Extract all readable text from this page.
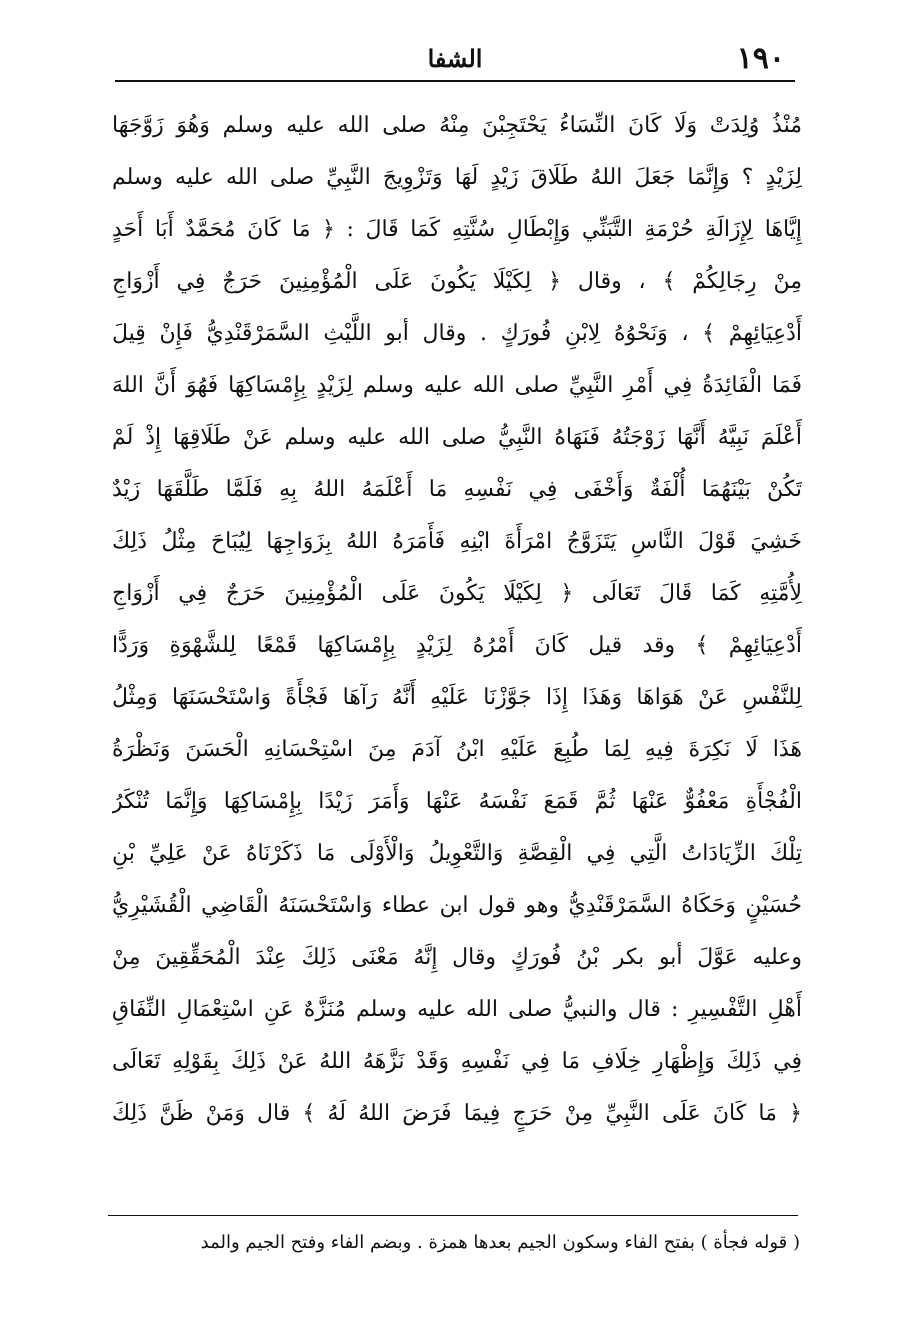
١٩٠
الشفا
مُنْذُ وُلِدَتْ وَلَا كَانَ النِّسَاءُ يَحْتَجِبْنَ مِنْهُ صلى الله عليه وسلم وَهُوَ زَوَّجَهَا
لِزَيْدٍ ؟ وَإِنَّمَا جَعَلَ اللهُ طَلَاقَ زَيْدٍ لَهَا وَتَزْوِيجَ النَّبِيِّ صلى الله عليه وسلم
إِيَّاهَا لِإِزَالَةِ حُرْمَةِ التَّبَنِّي وَإِبْطَالِ سُنَّتِهِ كَمَا قَالَ : ﴿ مَا كَانَ مُحَمَّدٌ أَبَا أَحَدٍ
مِنْ رِجَالِكُمْ ﴾ ، وقال ﴿ لِكَيْلَا يَكُونَ عَلَى الْمُؤْمِنِينَ حَرَجٌ فِي أَزْوَاجِ
أَدْعِيَائِهِمْ ﴾ ، وَنَحْوُهُ لِابْنِ فُورَكٍ . وقال أبو اللَّيْثِ السَّمَرْقَنْدِيُّ فَإِنْ قِيلَ
فَمَا الْفَائِدَةُ فِي أَمْرِ النَّبِيِّ صلى الله عليه وسلم لِزَيْدٍ بِإِمْسَاكِهَا فَهُوَ أَنَّ اللهَ
أَعْلَمَ نَبِيَّهُ أَنَّهَا زَوْجَتُهُ فَنَهَاهُ النَّبِيُّ صلى الله عليه وسلم عَنْ طَلَاقِهَا إِذْ لَمْ
تَكُنْ بَيْنَهُمَا أُلْفَةٌ وَأَخْفَى فِي نَفْسِهِ مَا أَعْلَمَهُ اللهُ بِهِ فَلَمَّا طَلَّقَهَا زَيْدٌ
خَشِيَ قَوْلَ النَّاسِ يَتَزَوَّجُ امْرَأَةَ ابْنِهِ فَأَمَرَهُ اللهُ بِزَوَاجِهَا لِيُبَاحَ مِثْلُ ذَلِكَ
لِأُمَّتِهِ كَمَا قَالَ تَعَالَى ﴿ لِكَيْلَا يَكُونَ عَلَى الْمُؤْمِنِينَ حَرَجٌ فِي أَزْوَاجِ
أَدْعِيَائِهِمْ ﴾ وقد قيل كَانَ أَمْرُهُ لِزَيْدٍ بِإِمْسَاكِهَا قَمْعًا لِلشَّهْوَةِ وَرَدًّا
لِلنَّفْسِ عَنْ هَوَاهَا وَهَذَا إِذَا جَوَّزْنَا عَلَيْهِ أَنَّهُ رَآهَا فَجْأَةً وَاسْتَحْسَنَهَا وَمِثْلُ
هَذَا لَا نَكِرَةَ فِيهِ لِمَا طُبِعَ عَلَيْهِ ابْنُ آدَمَ مِنَ اسْتِحْسَانِهِ الْحَسَنَ وَنَظْرَةُ
الْفُجْأَةِ مَعْفُوٌّ عَنْهَا ثُمَّ قَمَعَ نَفْسَهُ عَنْهَا وَأَمَرَ زَيْدًا بِإِمْسَاكِهَا وَإِنَّمَا تُنْكَرُ
تِلْكَ الزِّيَادَاتُ الَّتِي فِي الْقِصَّةِ وَالتَّعْوِيلُ وَالْأَوْلَى مَا ذَكَرْنَاهُ عَنْ عَلِيِّ بْنِ
حُسَيْنٍ وَحَكَاهُ السَّمَرْقَنْدِيُّ وهو قول ابن عطاء وَاسْتَحْسَنَهُ الْقَاضِي الْقُشَيْرِيُّ
وعليه عَوَّلَ أبو بكر بْنُ فُورَكٍ وقال إِنَّهُ مَعْنَى ذَلِكَ عِنْدَ الْمُحَقِّقِينَ مِنْ
أَهْلِ التَّفْسِيرِ : قال والنبيُّ صلى الله عليه وسلم مُنَزَّهٌ عَنِ اسْتِعْمَالِ النِّفَاقِ
فِي ذَلِكَ وَإِظْهَارِ خِلَافِ مَا فِي نَفْسِهِ وَقَدْ نَزَّهَهُ اللهُ عَنْ ذَلِكَ بِقَوْلِهِ تَعَالَى
﴿ مَا كَانَ عَلَى النَّبِيِّ مِنْ حَرَجٍ فِيمَا فَرَضَ اللهُ لَهُ ﴾ قال وَمَنْ ظَنَّ ذَلِكَ
( قوله فجأة ) بفتح الفاء وسكون الجيم بعدها همزة . وبضم الفاء وفتح الجيم والمد
